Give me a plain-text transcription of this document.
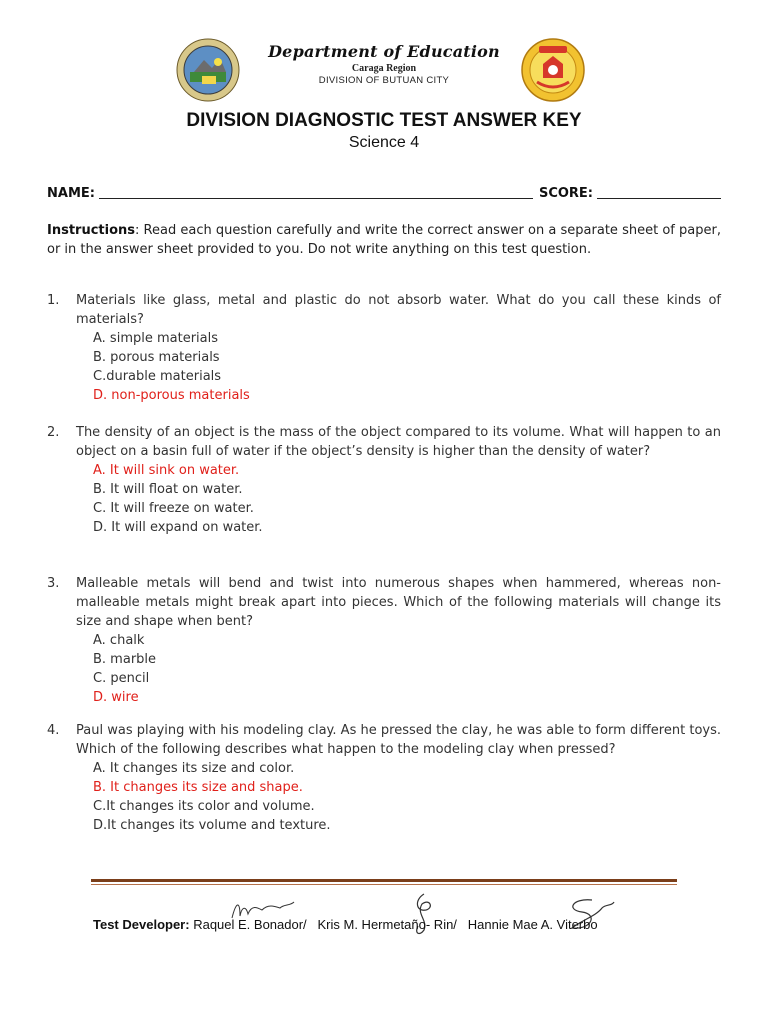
Department of Education
Caraga Region
DIVISION OF BUTUAN CITY
DIVISION DIAGNOSTIC TEST ANSWER KEY
Science 4
NAME:	SCORE:
Instructions: Read each question carefully and write the correct answer on a separate sheet of paper, or in the answer sheet provided to you. Do not write anything on this test question.
1. Materials like glass, metal and plastic do not absorb water. What do you call these kinds of materials?
A. simple materials
B. porous materials
C.durable materials
D. non-porous materials
2. The density of an object is the mass of the object compared to its volume. What will happen to an object on a basin full of water if the object’s density is higher than the density of water?
A. It will sink on water.
B. It will float on water.
C. It will freeze on water.
D. It will expand on water.
3. Malleable metals will bend and twist into numerous shapes when hammered, whereas non-malleable metals might break apart into pieces. Which of the following materials will change its size and shape when bent?
A. chalk
B. marble
C. pencil
D. wire
4. Paul was playing with his modeling clay. As he pressed the clay, he was able to form different toys. Which of the following describes what happen to the modeling clay when pressed?
A. It changes its size and color.
B. It changes its size and shape.
C.It changes its color and volume.
D.It changes its volume and texture.
Test Developer: Raquel E. Bonador/   Kris M. Hermetaño- Rin/   Hannie Mae A. Viterbo
